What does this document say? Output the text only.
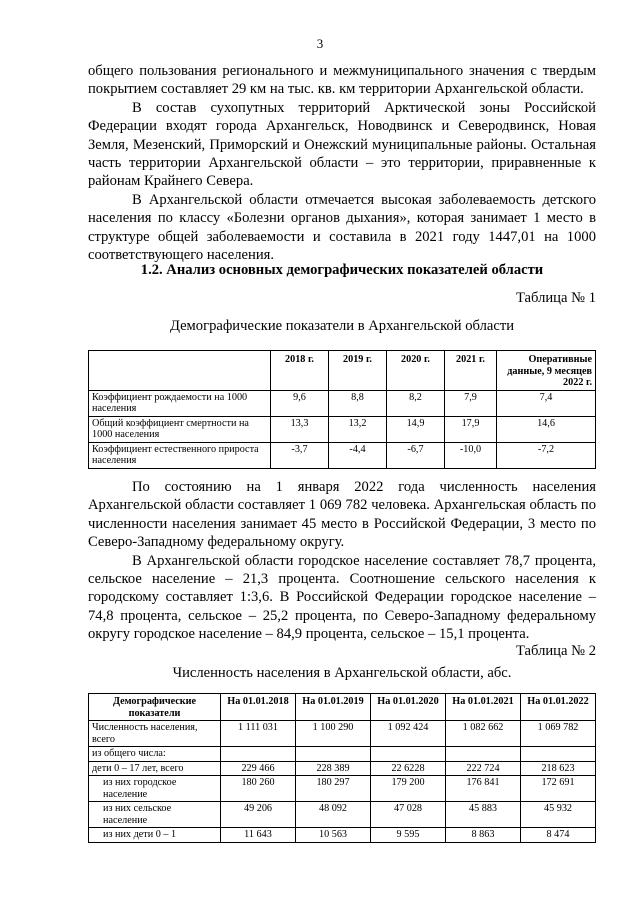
3

общего пользования регионального и межмуниципального значения с твердым покрытием составляет 29 км на тыс. кв. км территории Архангельской области.

В состав сухопутных территорий Арктической зоны Российской Федерации входят города Архангельск, Новодвинск и Северодвинск, Новая Земля, Мезенский, Приморский и Онежский муниципальные районы. Остальная часть территории Архангельской области – это территории, приравненные к районам Крайнего Севера.

В Архангельской области отмечается высокая заболеваемость детского населения по классу «Болезни органов дыхания», которая занимает 1 место в структуре общей заболеваемости и составила в 2021 году 1447,01 на 1000 соответствующего населения.

1.2. Анализ основных демографических показателей области
Таблица № 1
Демографические показатели в Архангельской области
	2018 г.	2019 г.	2020 г.	2021 г.	Оперативные данные, 9 месяцев 2022 г.
Коэффициент рождаемости на 1000 населения	9,6	8,8	8,2	7,9	7,4
Общий коэффициент смертности на 1000 населения	13,3	13,2	14,9	17,9	14,6
Коэффициент естественного прироста населения	-3,7	-4,4	-6,7	-10,0	-7,2

По состоянию на 1 января 2022 года численность населения Архангельской области составляет 1 069 782 человека. Архангельская область по численности населения занимает 45 место в Российской Федерации, 3 место по Северо-Западному федеральному округу.

В Архангельской области городское население составляет 78,7 процента, сельское население – 21,3 процента. Соотношение сельского населения к городскому составляет 1:3,6. В Российской Федерации городское население – 74,8 процента, сельское – 25,2 процента, по Северо-Западному федеральному округу городское население – 84,9 процента, сельское – 15,1 процента.

Таблица № 2
Численность населения в Архангельской области, абс.
Демографические показатели	На 01.01.2018	На 01.01.2019	На 01.01.2020	На 01.01.2021	На 01.01.2022
Численность населения, всего	1 111 031	1 100 290	1 092 424	1 082 662	1 069 782
из общего числа:					
дети 0 – 17 лет, всего	229 466	228 389	22 6228	222 724	218 623
из них городское население	180 260	180 297	179 200	176 841	172 691
из них сельское население	49 206	48 092	47 028	45 883	45 932
из них дети 0 – 1	11 643	10 563	9 595	8 863	8 474
